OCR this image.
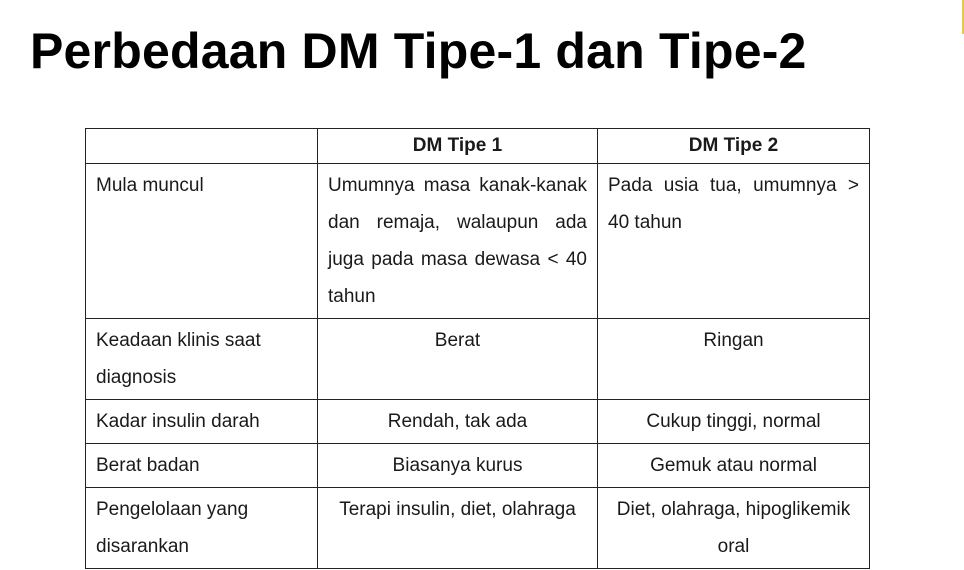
Perbedaan DM Tipe-1 dan Tipe-2
	DM Tipe 1	DM Tipe 2
Mula muncul	Umumnya masa kanak-kanak dan remaja, walaupun ada juga pada masa dewasa < 40 tahun	Pada usia tua, umumnya > 40 tahun
Keadaan klinis saat diagnosis	Berat	Ringan
Kadar insulin darah	Rendah, tak ada	Cukup tinggi, normal
Berat badan	Biasanya kurus	Gemuk atau normal
Pengelolaan yang disarankan	Terapi insulin, diet, olahraga	Diet, olahraga, hipoglikemik oral
